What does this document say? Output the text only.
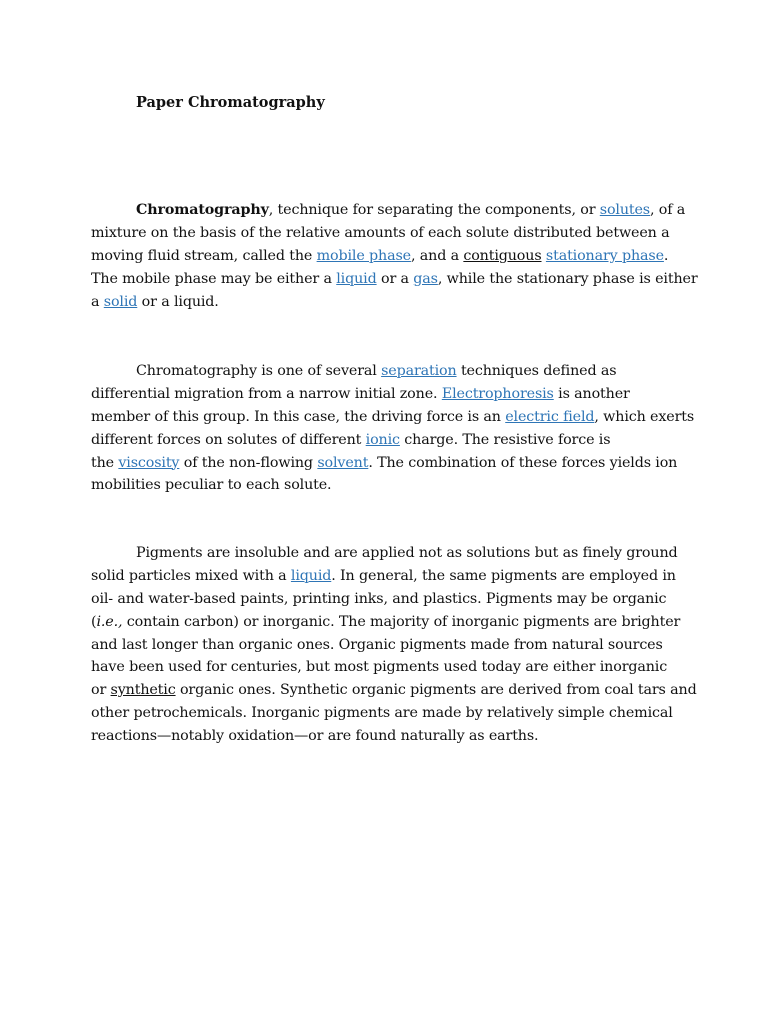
Paper Chromatography
Chromatography, technique for separating the components, or solutes, of a
mixture on the basis of the relative amounts of each solute distributed between a
moving fluid stream, called the mobile phase, and a contiguous stationary phase.
The mobile phase may be either a liquid or a gas, while the stationary phase is either
a solid or a liquid.
Chromatography is one of several separation techniques defined as
differential migration from a narrow initial zone. Electrophoresis is another
member of this group. In this case, the driving force is an electric field, which exerts
different forces on solutes of different ionic charge. The resistive force is
the viscosity of the non-flowing solvent. The combination of these forces yields ion
mobilities peculiar to each solute.
Pigments are insoluble and are applied not as solutions but as finely ground
solid particles mixed with a liquid. In general, the same pigments are employed in
oil- and water-based paints, printing inks, and plastics. Pigments may be organic
(i.e., contain carbon) or inorganic. The majority of inorganic pigments are brighter
and last longer than organic ones. Organic pigments made from natural sources
have been used for centuries, but most pigments used today are either inorganic
or synthetic organic ones. Synthetic organic pigments are derived from coal tars and
other petrochemicals. Inorganic pigments are made by relatively simple chemical
reactions—notably oxidation—or are found naturally as earths.
